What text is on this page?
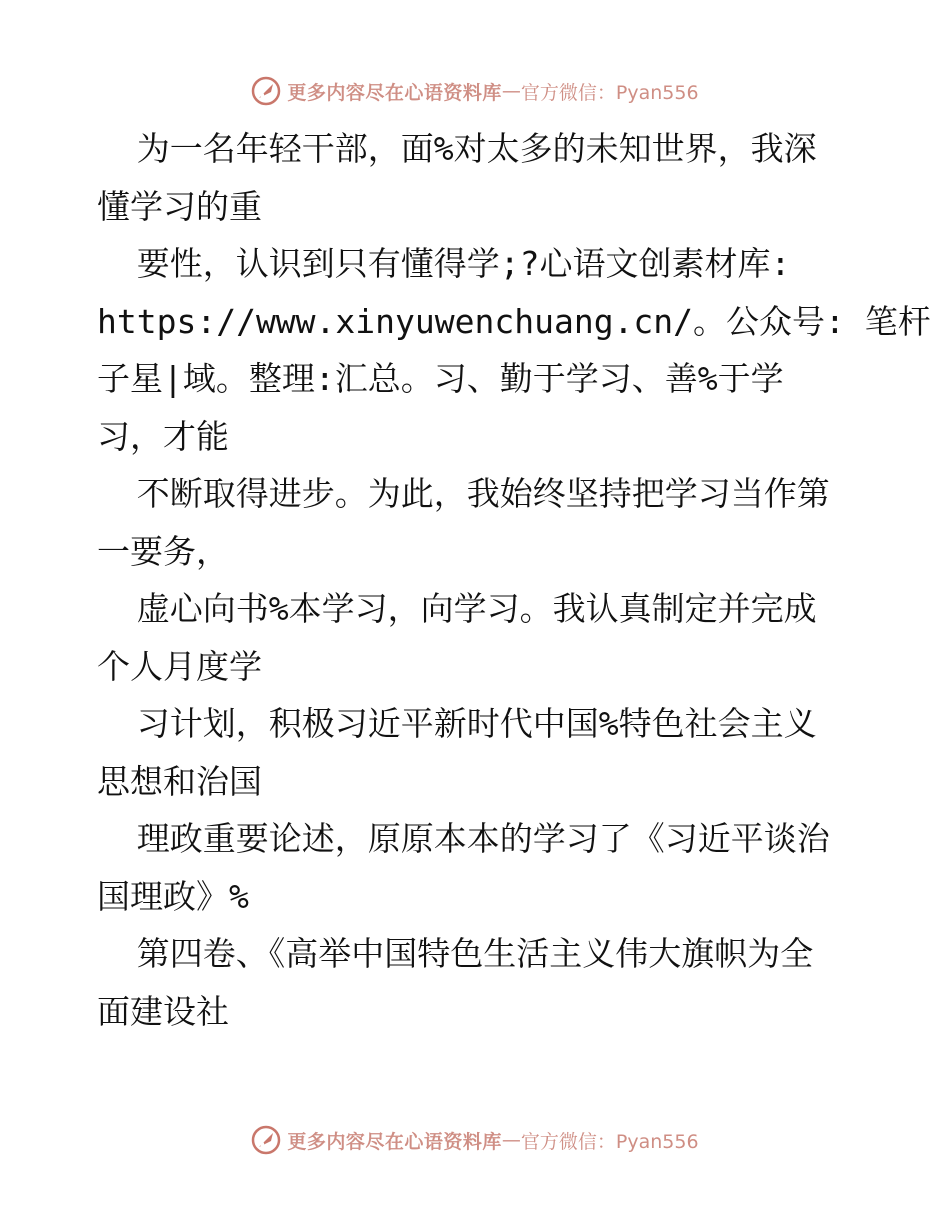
更多内容尽在心语资料库 — 官方微信：Pyan556
为一名年轻干部，面%对太多的未知世界，我深
懂学习的重
要性，认识到只有懂得学;?心语文创素材库:
https://www.xinyuwenchuang.cn/。公众号: 笔杆
子星|域。整理:汇总。习、勤于学习、善%于学
习，才能
不断取得进步。为此，我始终坚持把学习当作第
一要务，
虚心向书%本学习，向学习。我认真制定并完成
个人月度学
习计划，积极习近平新时代中国%特色社会主义
思想和治国
理政重要论述，原原本本的学习了《习近平谈治
国理政》%
第四卷、《高举中国特色生活主义伟大旗帜为全
面建设社
更多内容尽在心语资料库 — 官方微信：Pyan556
